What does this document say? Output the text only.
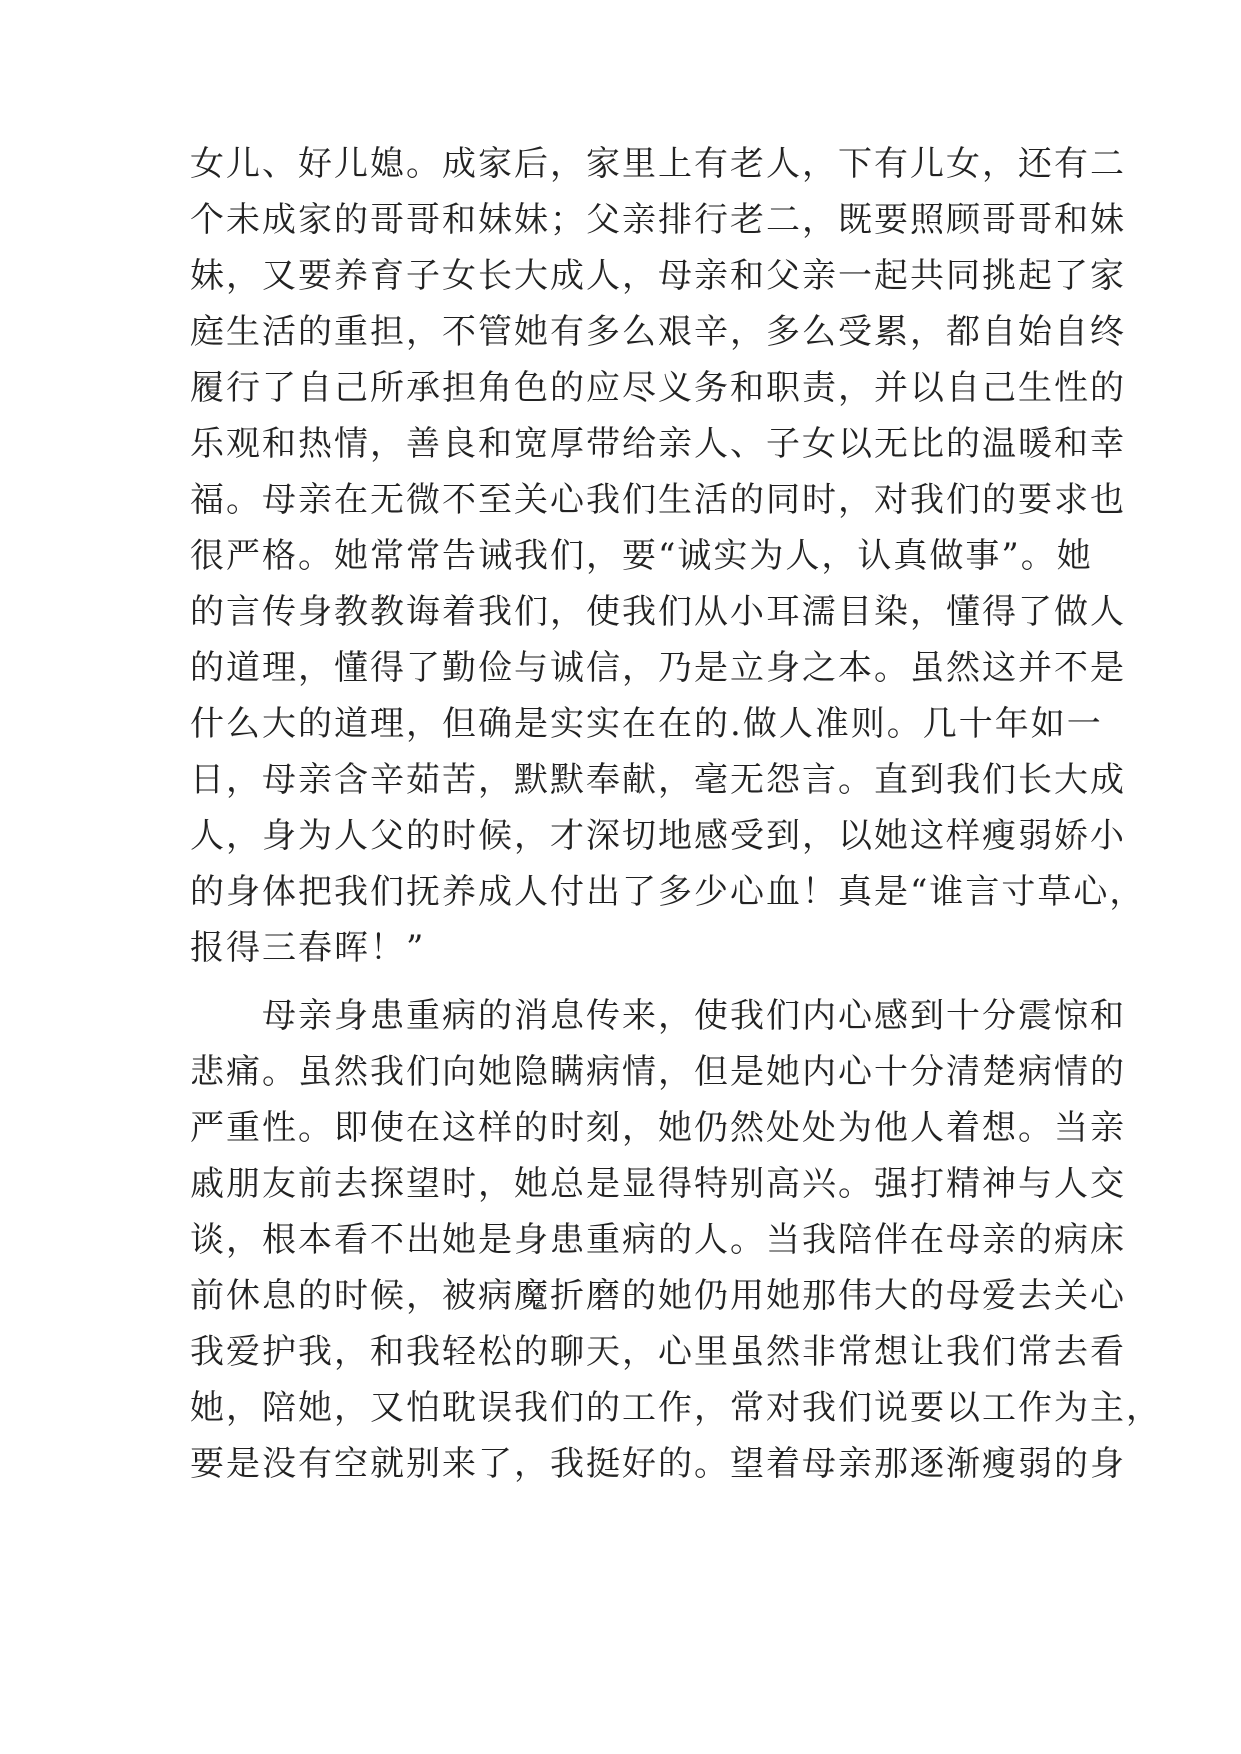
女儿、好儿媳。成家后，家里上有老人，下有儿女，还有二
个未成家的哥哥和妹妹；父亲排行老二，既要照顾哥哥和妹
妹，又要养育子女长大成人，母亲和父亲一起共同挑起了家
庭生活的重担，不管她有多么艰辛，多么受累，都自始自终
履行了自己所承担角色的应尽义务和职责，并以自己生性的
乐观和热情，善良和宽厚带给亲人、子女以无比的温暖和幸
福。母亲在无微不至关心我们生活的同时，对我们的要求也
很严格。她常常告诫我们，要“诚实为人，认真做事”。她
的言传身教教诲着我们，使我们从小耳濡目染，懂得了做人
的道理，懂得了勤俭与诚信，乃是立身之本。虽然这并不是
什么大的道理，但确是实实在在的.做人准则。几十年如一
日，母亲含辛茹苦，默默奉献，毫无怨言。直到我们长大成
人，身为人父的时候，才深切地感受到，以她这样瘦弱娇小
的身体把我们抚养成人付出了多少心血！真是“谁言寸草心，
报得三春晖！”
　　母亲身患重病的消息传来，使我们内心感到十分震惊和
悲痛。虽然我们向她隐瞒病情，但是她内心十分清楚病情的
严重性。即使在这样的时刻，她仍然处处为他人着想。当亲
戚朋友前去探望时，她总是显得特别高兴。强打精神与人交
谈，根本看不出她是身患重病的人。当我陪伴在母亲的病床
前休息的时候，被病魔折磨的她仍用她那伟大的母爱去关心
我爱护我，和我轻松的聊天，心里虽然非常想让我们常去看
她，陪她，又怕耽误我们的工作，常对我们说要以工作为主，
要是没有空就别来了，我挺好的。望着母亲那逐渐瘦弱的身
